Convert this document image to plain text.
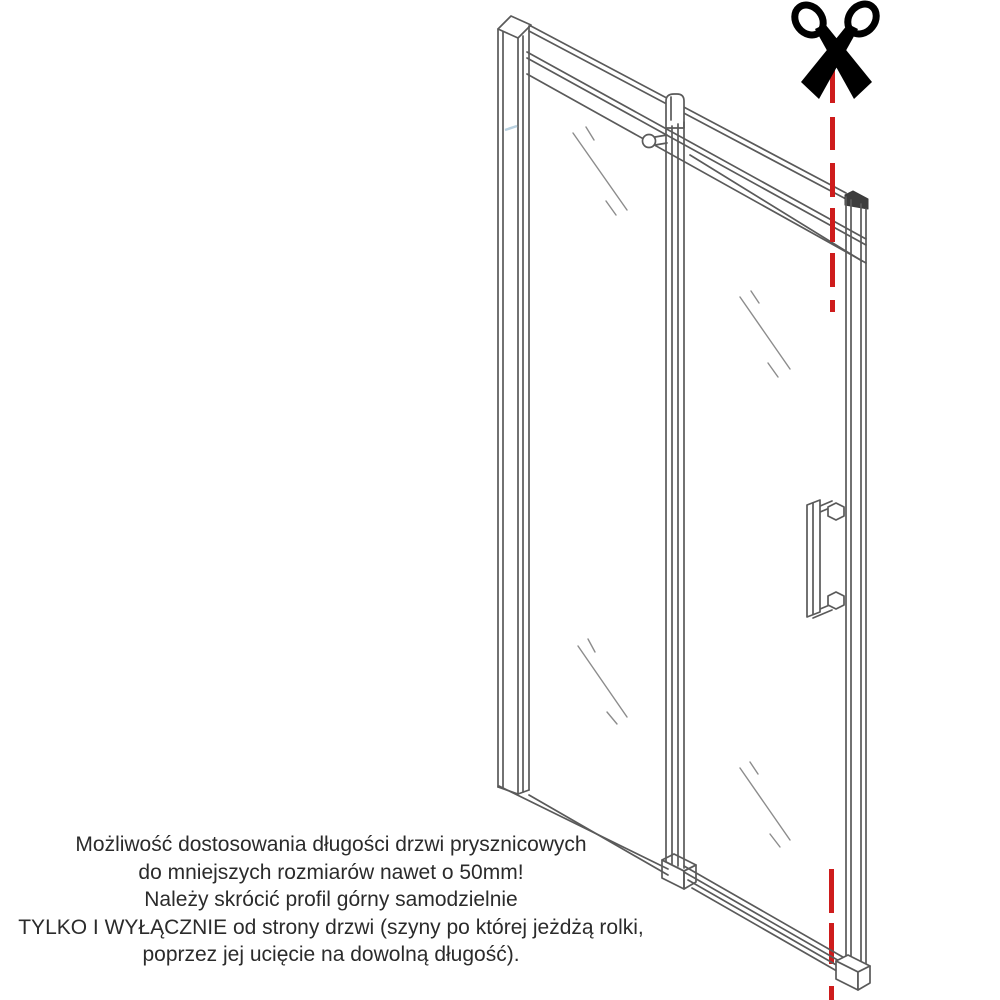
Możliwość dostosowania długości drzwi prysznicowych
do mniejszych rozmiarów nawet o 50mm!
Należy skrócić profil górny samodzielnie
TYLKO I WYŁĄCZNIE od strony drzwi (szyny po której jeżdżą rolki,
poprzez jej ucięcie na dowolną długość).
